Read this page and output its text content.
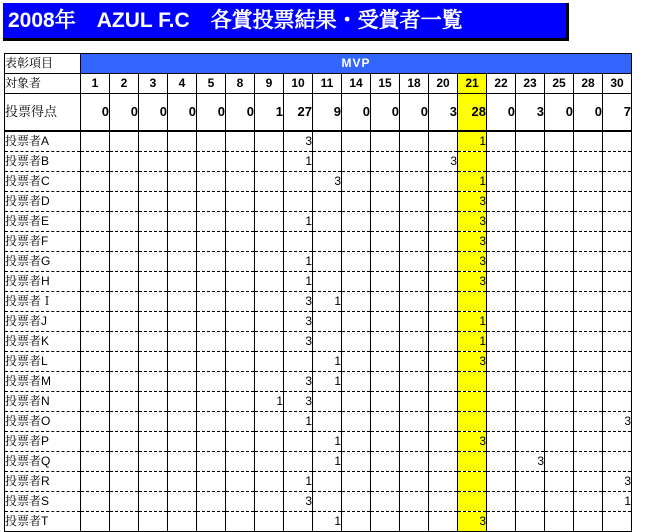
2008年　AZUL F.C　各賞投票結果・受賞者一覧
表彰項目	MVP																		
対象者	1	2	3	4	5	8	9	10	11	14	15	18	20	21	22	23	25	28	30
投票得点	0	0	0	0	0	0	1	27	9	0	0	0	3	28	0	3	0	0	7
投票者A								3						1					
投票者B								1					3						
投票者C									3					1					
投票者D														3					
投票者E								1						3					
投票者F														3					
投票者G								1						3					
投票者H								1						3					
投票者Ｉ								3	1										
投票者J								3						1					
投票者K								3						1					
投票者L									1					3					
投票者M								3	1										
投票者N							1	3											
投票者O								1											3
投票者P									1					3					
投票者Q									1							3			
投票者R								1											3
投票者S								3											1
投票者T									1					3					
